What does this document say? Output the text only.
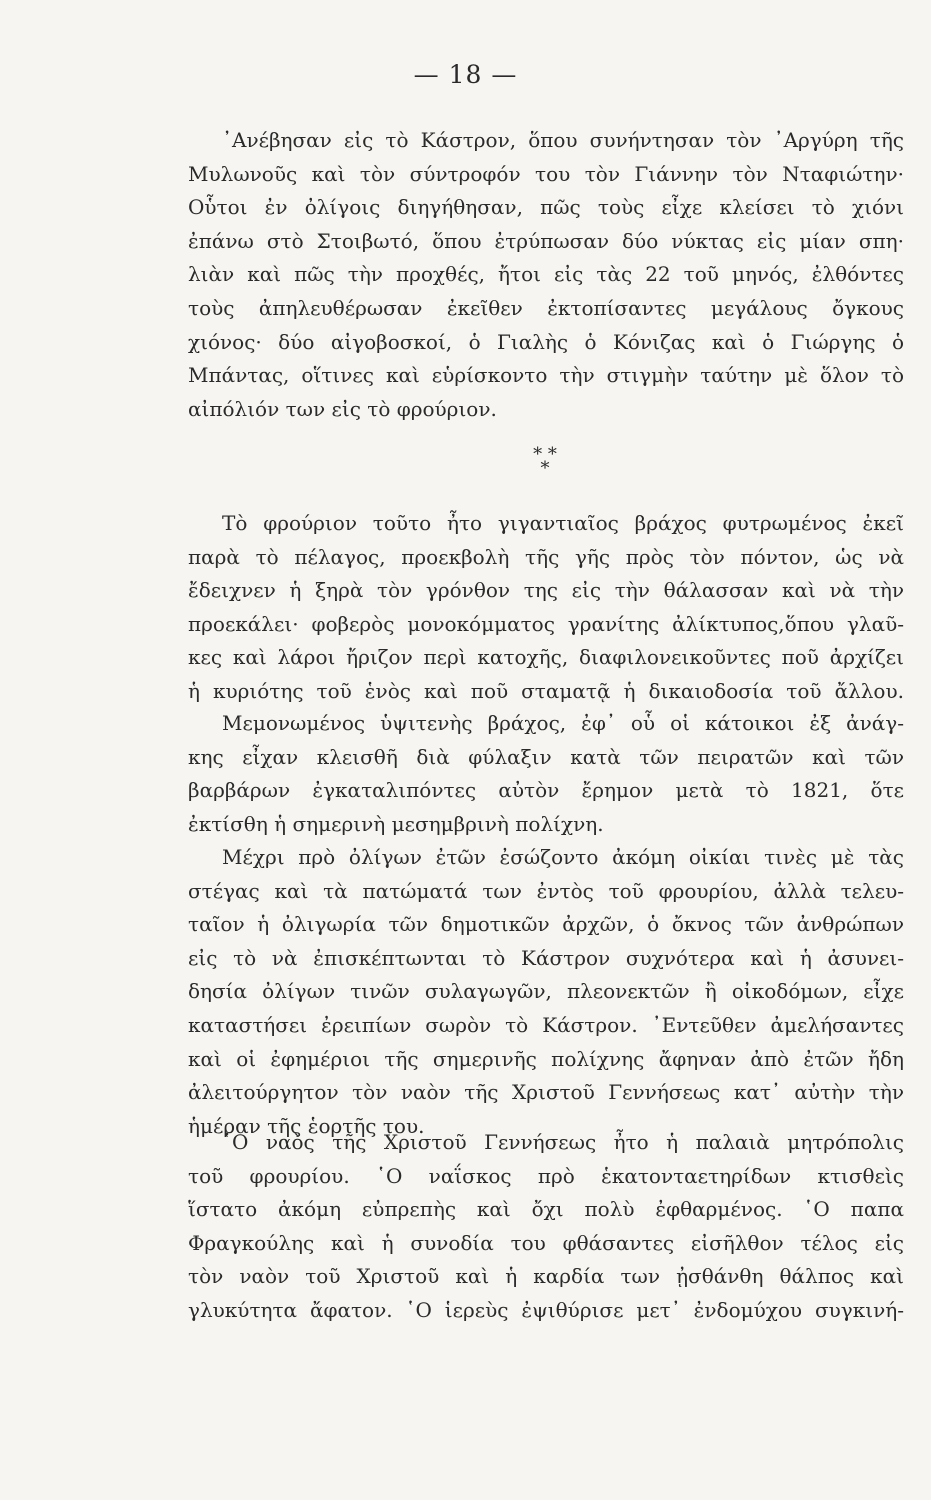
— 18 —
᾿Ανέβησαν εἰς τὸ Κάστρον, ὅπου συνήντησαν τὸν ᾿Αργύρη τῆς
Μυλωνοῦς καὶ τὸν σύντροφόν του τὸν Γιάννην τὸν Νταφιώτην·
Οὗτοι ἐν ὀλίγοις διηγήθησαν, πῶς τοὺς εἶχε κλείσει τὸ χιόνι
ἐπάνω στὸ Στοιβωτό, ὅπου ἐτρύπωσαν δύο νύκτας εἰς μίαν σπη·
λιὰν καὶ πῶς τὴν προχθές, ἤτοι εἰς τὰς 22 τοῦ μηνός, ἐλθόντες
τοὺς ἀπηλευθέρωσαν ἐκεῖθεν ἐκτοπίσαντες μεγάλους ὄγκους
χιόνος· δύο αἰγοβοσκοί, ὁ Γιαλὴς ὁ Κόνιζας καὶ ὁ Γιώργης ὁ
Μπάντας, οἵτινες καὶ εὑρίσκοντο τὴν στιγμὴν ταύτην μὲ ὅλον τὸ
αἰπόλιόν των εἰς τὸ φρούριον.
* *
*
Τὸ φρούριον τοῦτο ἦτο γιγαντιαῖος βράχος φυτρωμένος ἐκεῖ
παρὰ τὸ πέλαγος, προεκβολὴ τῆς γῆς πρὸς τὸν πόντον, ὡς νὰ
ἔδειχνεν ἡ ξηρὰ τὸν γρόνθον της εἰς τὴν θάλασσαν καὶ νὰ τὴν
προεκάλει· φοβερὸς μονοκόμματος γρανίτης ἀλίκτυπος,ὅπου γλαῦ-
κες καὶ λάροι ἤριζον περὶ κατοχῆς, διαφιλονεικοῦντες ποῦ ἀρχίζει
ἡ κυριότης τοῦ ἑνὸς καὶ ποῦ σταματᾷ ἡ δικαιοδοσία τοῦ ἄλλου.
Μεμονωμένος ὑψιτενὴς βράχος, ἐφ᾿ οὗ οἱ κάτοικοι ἐξ ἀνάγ-
κης εἶχαν κλεισθῆ διὰ φύλαξιν κατὰ τῶν πειρατῶν καὶ τῶν
βαρβάρων ἐγκαταλιπόντες αὐτὸν ἔρημον μετὰ τὸ 1821, ὅτε
ἐκτίσθη ἡ σημερινὴ μεσημβρινὴ πολίχνη.
Μέχρι πρὸ ὀλίγων ἐτῶν ἐσώζοντο ἀκόμη οἰκίαι τινὲς μὲ τὰς
στέγας καὶ τὰ πατώματά των ἐντὸς τοῦ φρουρίου, ἀλλὰ τελευ-
ταῖον ἡ ὀλιγωρία τῶν δημοτικῶν ἀρχῶν, ὁ ὄκνος τῶν ἀνθρώπων
εἰς τὸ νὰ ἐπισκέπτωνται τὸ Κάστρον συχνότερα καὶ ἡ ἀσυνει-
δησία ὀλίγων τινῶν συλαγωγῶν, πλεονεκτῶν ἢ οἰκοδόμων, εἶχε
καταστήσει ἐρειπίων σωρὸν τὸ Κάστρον. ᾿Εντεῦθεν ἀμελήσαντες
καὶ οἱ ἐφημέριοι τῆς σημερινῆς πολίχνης ἄφηναν ἀπὸ ἐτῶν ἤδη
ἀλειτούργητον τὸν ναὸν τῆς Χριστοῦ Γεννήσεως κατ᾿ αὐτὴν τὴν
ἡμέραν τῆς ἑορτῆς του.
῾Ο ναὸς τῆς Χριστοῦ Γεννήσεως ἦτο ἡ παλαιὰ μητρόπολις
τοῦ φρουρίου. ῾Ο ναΐσκος πρὸ ἑκατονταετηρίδων κτισθεὶς
ἵστατο ἀκόμη εὐπρεπὴς καὶ ὄχι πολὺ ἐφθαρμένος. ῾Ο παπα
Φραγκούλης καὶ ἡ συνοδία του φθάσαντες εἰσῆλθον τέλος εἰς
τὸν ναὸν τοῦ Χριστοῦ καὶ ἡ καρδία των ᾐσθάνθη θάλπος καὶ
γλυκύτητα ἄφατον. ῾Ο ἱερεὺς ἐψιθύρισε μετ᾿ ἐνδομύχου συγκινή-
